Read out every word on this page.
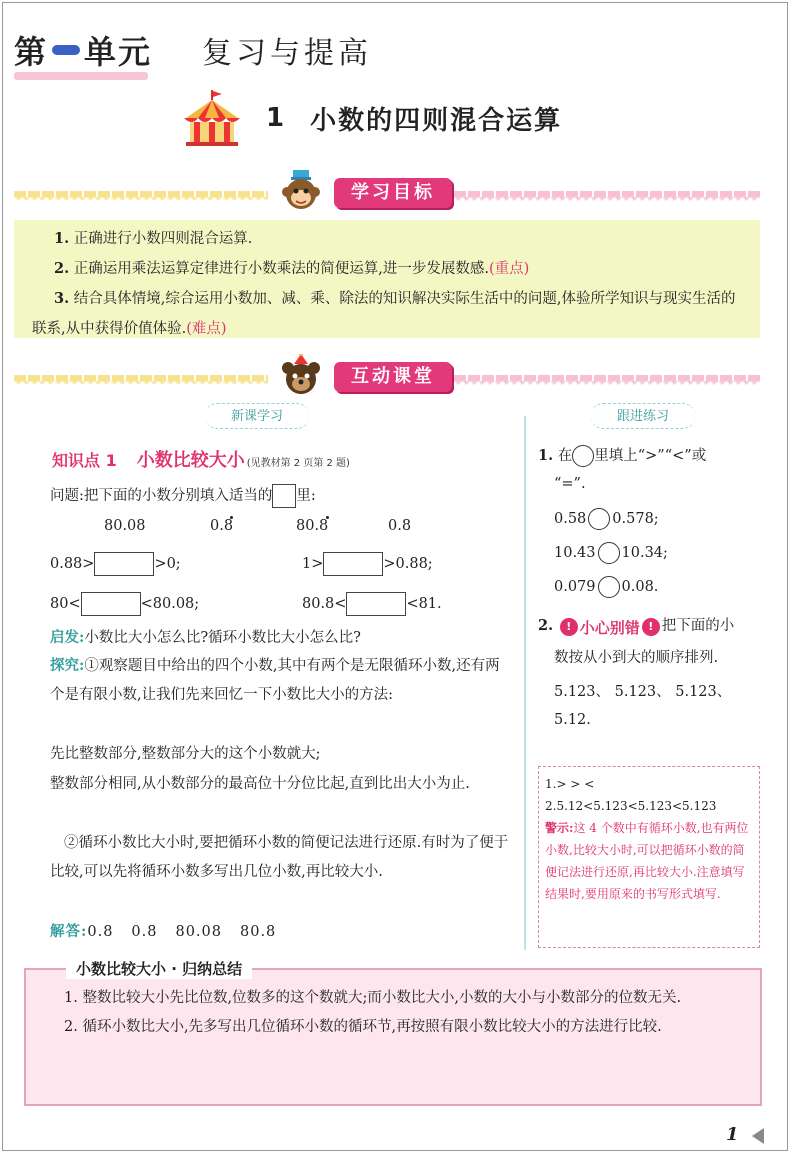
第 单元 复习与提高
1 小数的四则混合运算
学习目标

1. 正确进行小数四则混合运算.

2. 正确运用乘法运算定律进行小数乘法的简便运算,进一步发展数感.(重点)

3. 结合具体情境,综合运用小数加、减、乘、除法的知识解决实际生活中的问题,体验所学知识与现实生活的联系,从中获得价值体验.(难点)

互动课堂
新课学习	跟进练习
知识点 1 小数比较大小 (见教材第 2 页第 2 题)
问题:把下面的小数分别填入适当的 里:
80.08	0.8	80.8	0.8
0.88>	>0;	1>	>0.88;
80<	<80.08;	80.8<	<81.
启发:小数比大小怎么比?循环小数比大小怎么比?
探究:①观察题目中给出的四个小数,其中有两个是无限循环小数,还有两个是有限小数,让我们先来回忆一下小数比大小的方法:
先比整数部分,整数部分大的这个小数就大;
整数部分相同,从小数部分的最高位十分位比起,直到比出大小为止.
②循环小数比大小时,要把循环小数的简便记法进行还原.有时为了便于比较,可以先将循环小数多写出几位小数,再比较大小.
解答:0.8 0.8 80.08 80.8
1. 在 里填上“>”“<”或
“=”.
0.58 0.578;
10.43 10.34;
0.079 0.08.
2.	! 小心别错 ! 把下面的小
数按从小到大的顺序排列.
5.123、 5.123、 5.123、
5.12.
1.> > <
2.5.12<5.123<5.123<5.123
警示:这 4 个数中有循环小数,也有两位小数,比较大小时,可以把循环小数的简便记法进行还原,再比较大小.注意填写结果时,要用原来的书写形式填写.
小数比较大小 · 归纳总结

1. 整数比较大小先比位数,位数多的这个数就大;而小数比大小,小数的大小与小数部分的位数无关.

2. 循环小数比大小,先多写出几位循环小数的循环节,再按照有限小数比较大小的方法进行比较.

1
